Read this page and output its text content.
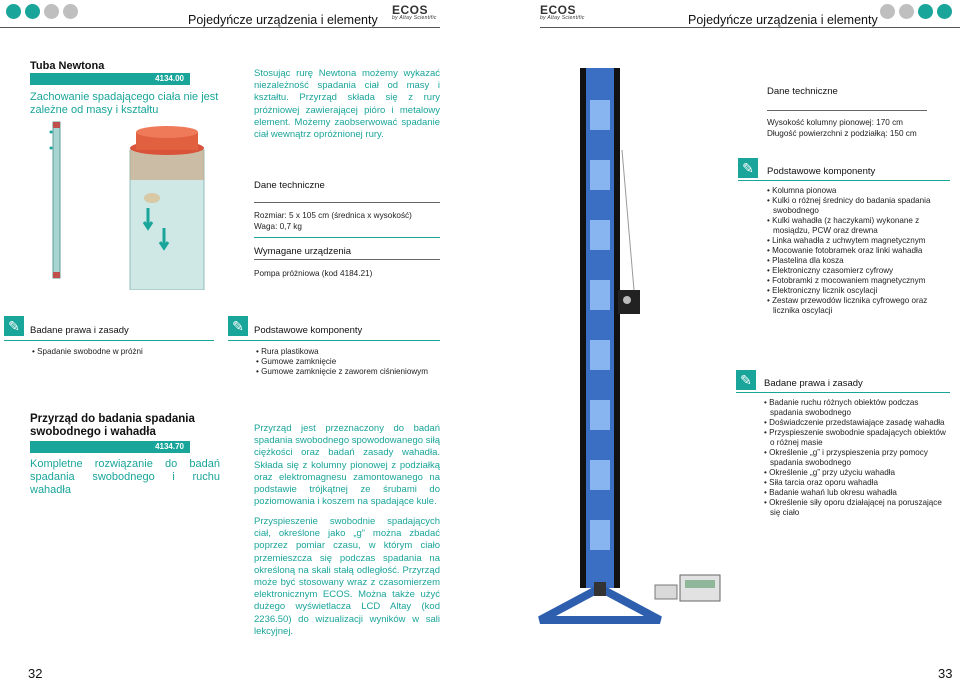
Pojedyńcze urządzenia i elementy
ECOS
by Altay Scientific
ECOS
by Altay Scientific	Pojedyńcze urządzenia i elementy
Tuba Newtona
4134.00
Zachowanie spadającego ciała nie jest zależne od masy i kształtu
Stosując rurę Newtona możemy wykazać niezależność spadania ciał od masy i kształtu. Przyrząd składa się z rury próżniowej zawierającej pióro i metalowy element. Możemy zaobserwować spadanie ciał wewnątrz opróżnionej rury.
Dane techniczne
Rozmiar: 5 x 105 cm (średnica x wysokość)
Waga: 0,7 kg
Wymagane urządzenia
Pompa próżniowa (kod 4184.21)
✎	Badane prawa i zasady
• Spadanie swobodne w próżni
✎	Podstawowe komponenty
• Rura plastikowa
• Gumowe zamknięcie
• Gumowe zamknięcie z zaworem ciśnieniowym
Przyrząd do badania spadania swobodnego i wahadła
4134.70
Kompletne rozwiązanie do badań spadania swobodnego i ruchu wahadła
Przyrząd jest przeznaczony do badań spadania swobodnego spowodowanego siłą ciężkości oraz badań zasady wahadła. Składa się z kolumny pionowej z podziałką oraz elektromagnesu zamontowanego na podstawie trójkątnej ze śrubami do poziomowania i koszem na spadające kule.
Przyspieszenie swobodnie spadających ciał, określone jako „g” można zbadać poprzez pomiar czasu, w którym ciało przemieszcza się podczas spadania na określoną na skali stałą odległość. Przyrząd może być stosowany wraz z czasomierzem elektronicznym ECOS. Można także użyć dużego wyświetlacza LCD Altay (kod 2236.50) do wizualizacji wyników w sali lekcyjnej.
Dane techniczne
Wysokość kolumny pionowej: 170 cm
Długość powierzchni z podziałką: 150 cm
✎	Podstawowe komponenty
• Kolumna pionowa
• Kulki o różnej średnicy do badania spadania swobodnego
• Kulki wahadła (z haczykami) wykonane z mosiądzu, PCW oraz drewna
• Linka wahadła z uchwytem magnetycznym
• Mocowanie fotobramek oraz linki wahadła
• Plastelina dla kosza
• Elektroniczny czasomierz cyfrowy
• Fotobramki z mocowaniem magnetycznym
• Elektroniczny licznik oscylacji
• Zestaw przewodów licznika cyfrowego oraz licznika oscylacji
✎	Badane prawa i zasady
• Badanie ruchu różnych obiektów podczas spadania swobodnego
• Doświadczenie przedstawiające zasadę wahadła
• Przyspieszenie swobodnie spadających obiektów o różnej masie
• Określenie „g” i przyspieszenia przy pomocy spadania swobodnego
• Określenie „g” przy użyciu wahadła
• Siła tarcia oraz oporu wahadła
• Badanie wahań lub okresu wahadła
• Określenie siły oporu działającej na poruszające się ciało
32	33
